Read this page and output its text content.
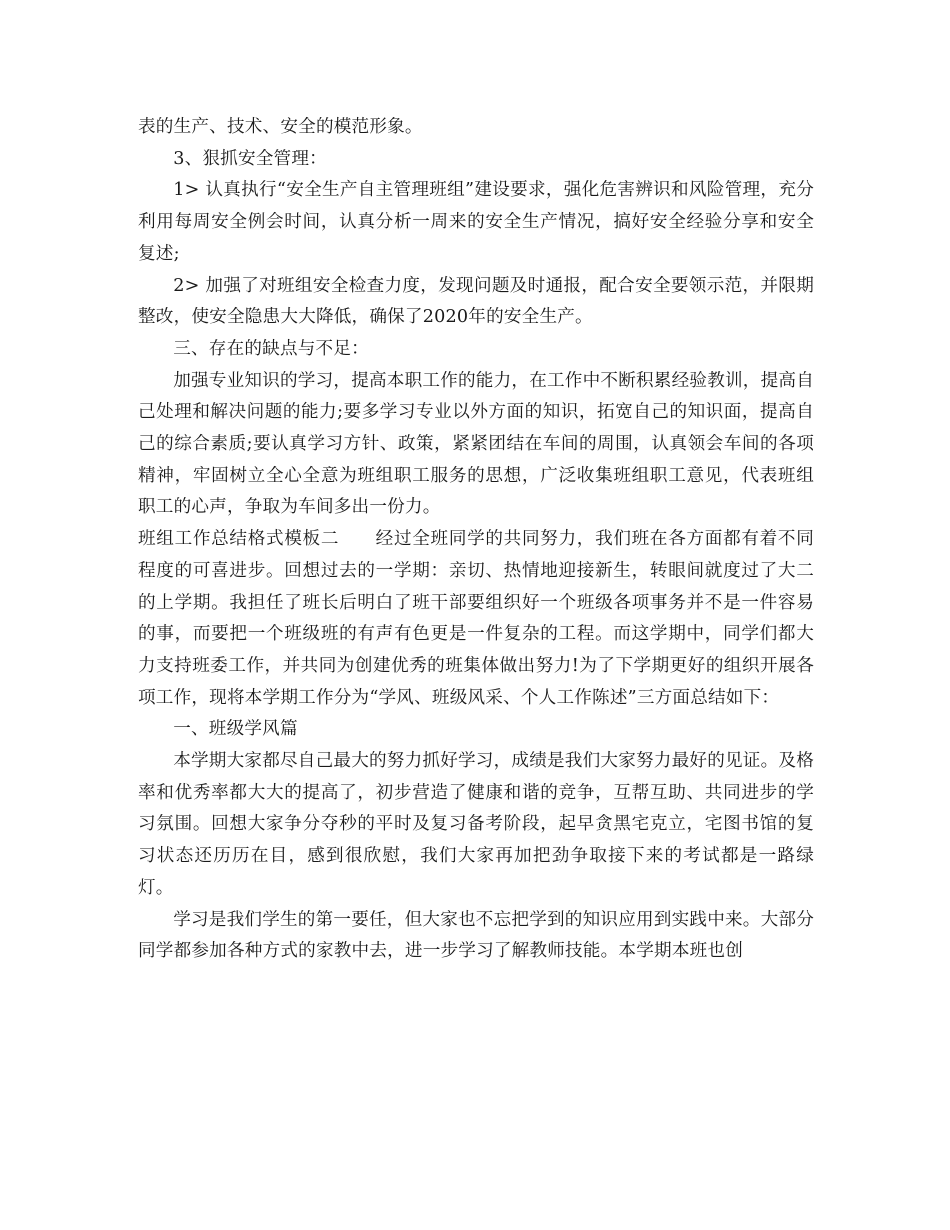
表的生产、技术、安全的模范形象。

3、狠抓安全管理：

1> 认真执行“安全生产自主管理班组”建设要求，强化危害辨识和风险管理，充分利用每周安全例会时间，认真分析一周来的安全生产情况，搞好安全经验分享和安全复述;

2> 加强了对班组安全检查力度，发现问题及时通报，配合安全要领示范，并限期整改，使安全隐患大大降低，确保了2020年的安全生产。

三、存在的缺点与不足：

加强专业知识的学习，提高本职工作的能力，在工作中不断积累经验教训，提高自己处理和解决问题的能力;要多学习专业以外方面的知识，拓宽自己的知识面，提高自己的综合素质;要认真学习方针、政策，紧紧团结在车间的周围，认真领会车间的各项精神，牢固树立全心全意为班组职工服务的思想，广泛收集班组职工意见，代表班组职工的心声，争取为车间多出一份力。

班组工作总结格式模板二　　经过全班同学的共同努力，我们班在各方面都有着不同程度的可喜进步。回想过去的一学期：亲切、热情地迎接新生，转眼间就度过了大二的上学期。我担任了班长后明白了班干部要组织好一个班级各项事务并不是一件容易的事，而要把一个班级班的有声有色更是一件复杂的工程。而这学期中，同学们都大力支持班委工作，并共同为创建优秀的班集体做出努力!为了下学期更好的组织开展各项工作，现将本学期工作分为“学风、班级风采、个人工作陈述”三方面总结如下：

一、班级学风篇

本学期大家都尽自己最大的努力抓好学习，成绩是我们大家努力最好的见证。及格率和优秀率都大大的提高了，初步营造了健康和谐的竞争，互帮互助、共同进步的学习氛围。回想大家争分夺秒的平时及复习备考阶段，起早贪黑宅克立，宅图书馆的复习状态还历历在目，感到很欣慰，我们大家再加把劲争取接下来的考试都是一路绿灯。

学习是我们学生的第一要任，但大家也不忘把学到的知识应用到实践中来。大部分同学都参加各种方式的家教中去，进一步学习了解教师技能。本学期本班也创
